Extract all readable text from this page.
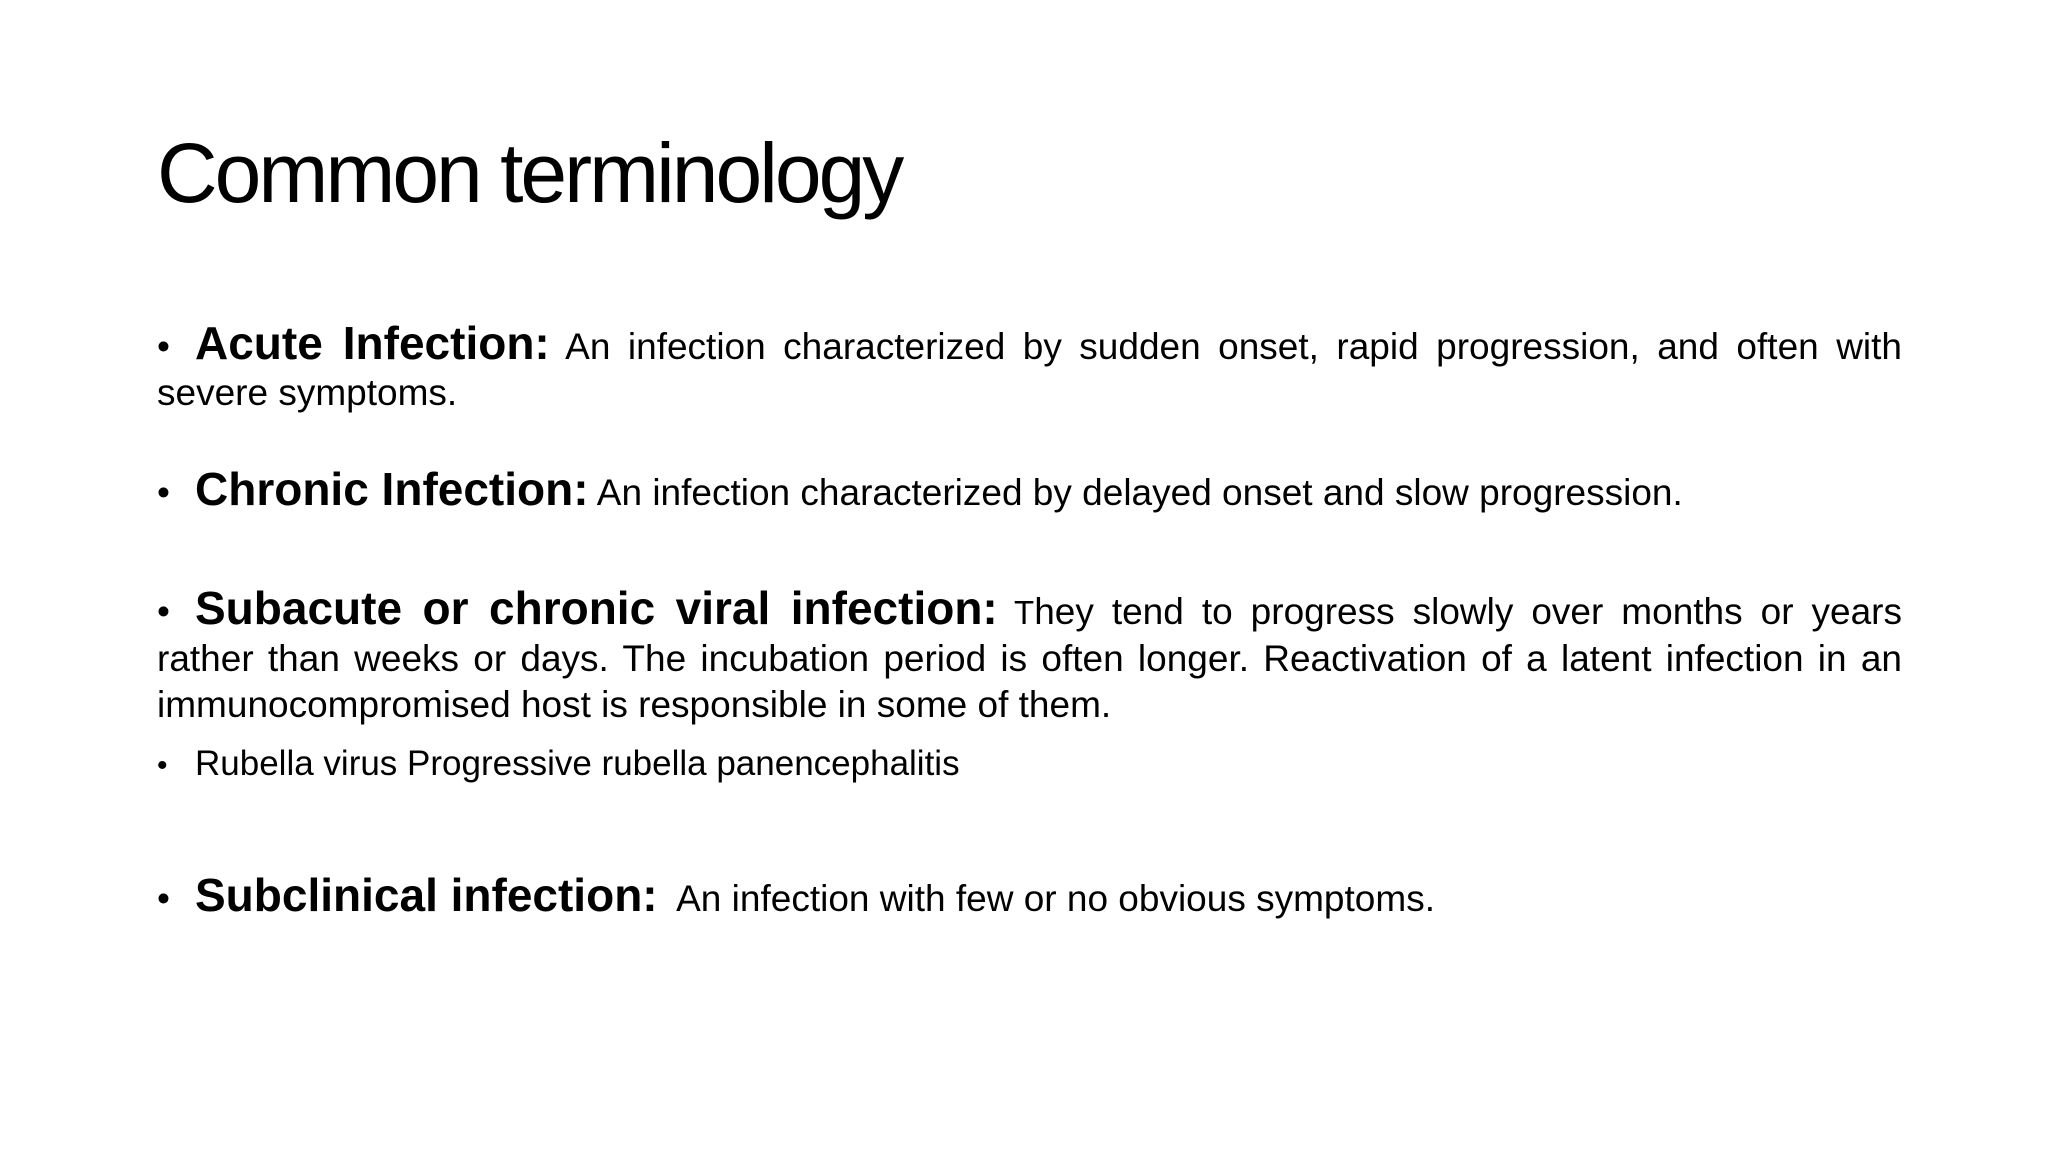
Common terminology
• Acute Infection: An infection characterized by sudden onset, rapid progression, and often with severe symptoms.
• Chronic Infection: An infection characterized by delayed onset and slow progression.
• Subacute or chronic viral infection: They tend to progress slowly over months or years rather than weeks or days. The incubation period is often longer. Reactivation of a latent infection in an immunocompromised host is responsible in some of them.
• Rubella virus Progressive rubella panencephalitis
• Subclinical infection:  An infection with few or no obvious symptoms.
